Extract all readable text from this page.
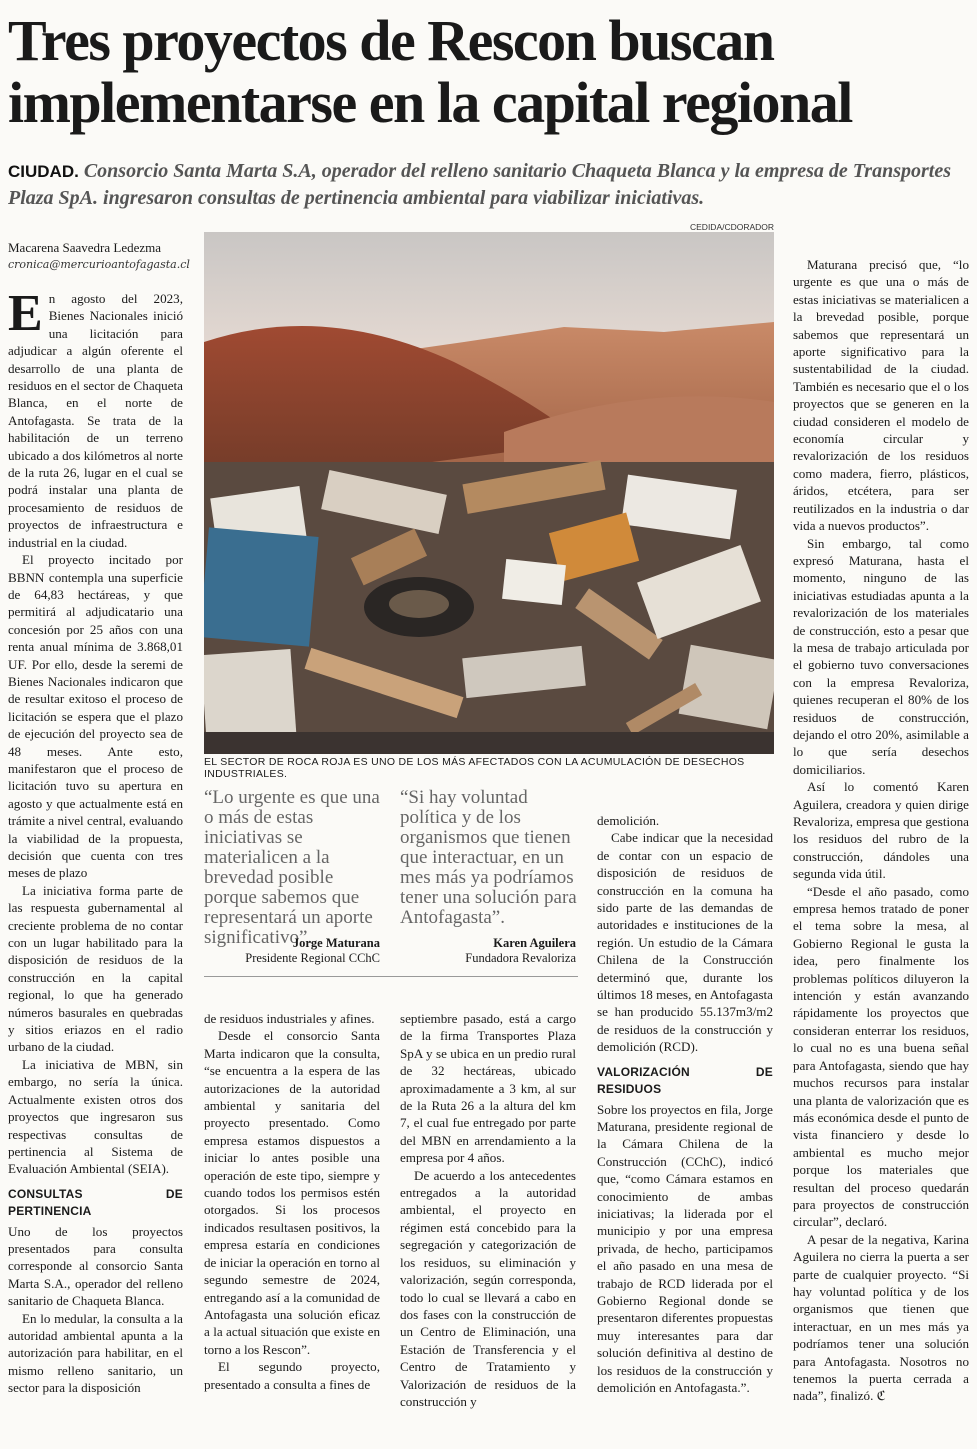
Tres proyectos de Rescon buscan implementarse en la capital regional

CIUDAD. Consorcio Santa Marta S.A, operador del relleno sanitario Chaqueta Blanca y la empresa de Transportes Plaza SpA. ingresaron consultas de pertinencia ambiental para viabilizar iniciativas.

CEDIDA/CDORADOR
Macarena Saavedra Ledezma
cronica@mercurioantofagasta.cl

En agosto del 2023, Bienes Nacionales inició una licitación para adjudicar a algún oferente el desarrollo de una planta de residuos en el sector de Chaqueta Blanca, en el norte de Antofagasta. Se trata de la habilitación de un terreno ubicado a dos kilómetros al norte de la ruta 26, lugar en el cual se podrá instalar una planta de procesamiento de residuos de proyectos de infraestructura e industrial en la ciudad.

El proyecto incitado por BBNN contempla una superficie de 64,83 hectáreas, y que permitirá al adjudicatario una concesión por 25 años con una renta anual mínima de 3.868,01 UF. Por ello, desde la seremi de Bienes Nacionales indicaron que de resultar exitoso el proceso de licitación se espera que el plazo de ejecución del proyecto sea de 48 meses. Ante esto, manifestaron que el proceso de licitación tuvo su apertura en agosto y que actualmente está en trámite a nivel central, evaluando la viabilidad de la propuesta, decisión que cuenta con tres meses de plazo

La iniciativa forma parte de las respuesta gubernamental al creciente problema de no contar con un lugar habilitado para la disposición de residuos de la construcción en la capital regional, lo que ha generado números basurales en quebradas y sitios eriazos en el radio urbano de la ciudad.

La iniciativa de MBN, sin embargo, no sería la única. Actualmente existen otros dos proyectos que ingresaron sus respectivas consultas de pertinencia al Sistema de Evaluación Ambiental (SEIA).

CONSULTAS DE PERTINENCIA

Uno de los proyectos presentados para consulta corresponde al consorcio Santa Marta S.A., operador del relleno sanitario de Chaqueta Blanca.

En lo medular, la consulta a la autoridad ambiental apunta a la autorización para habilitar, en el mismo relleno sanitario, un sector para la disposición

EL SECTOR DE ROCA ROJA ES UNO DE LOS MÁS AFECTADOS CON LA ACUMULACIÓN DE DESECHOS INDUSTRIALES.
“Lo urgente es que una o más de estas iniciativas se materialicen a la brevedad posible porque sabemos que representará un aporte significativo”.
Jorge Maturana
Presidente Regional CChC
“Si hay voluntad política y de los organismos que tienen que interactuar, en un mes más ya podríamos tener una solución para Antofagasta”.
Karen Aguilera
Fundadora Revaloriza

de residuos industriales y afines.

Desde el consorcio Santa Marta indicaron que la consulta, “se encuentra a la espera de las autorizaciones de la autoridad ambiental y sanitaria del proyecto presentado. Como empresa estamos dispuestos a iniciar lo antes posible una operación de este tipo, siempre y cuando todos los permisos estén otorgados. Si los procesos indicados resultasen positivos, la empresa estaría en condiciones de iniciar la operación en torno al segundo semestre de 2024, entregando así a la comunidad de Antofagasta una solución eficaz a la actual situación que existe en torno a los Rescon”.

El segundo proyecto, presentado a consulta a fines de

septiembre pasado, está a cargo de la firma Transportes Plaza SpA y se ubica en un predio rural de 32 hectáreas, ubicado aproximadamente a 3 km, al sur de la Ruta 26 a la altura del km 7, el cual fue entregado por parte del MBN en arrendamiento a la empresa por 4 años.

De acuerdo a los antecedentes entregados a la autoridad ambiental, el proyecto en régimen está concebido para la segregación y categorización de los residuos, su eliminación y valorización, según corresponda, todo lo cual se llevará a cabo en dos fases con la construcción de un Centro de Eliminación, una Estación de Transferencia y el Centro de Tratamiento y Valorización de residuos de la construcción y

demolición.

Cabe indicar que la necesidad de contar con un espacio de disposición de residuos de construcción en la comuna ha sido parte de las demandas de autoridades e instituciones de la región. Un estudio de la Cámara Chilena de la Construcción determinó que, durante los últimos 18 meses, en Antofagasta se han producido 55.137m3/m2 de residuos de la construcción y demolición (RCD).

VALORIZACIÓN DE RESIDUOS

Sobre los proyectos en fila, Jorge Maturana, presidente regional de la Cámara Chilena de la Construcción (CChC), indicó que, “como Cámara estamos en conocimiento de ambas iniciativas; la liderada por el municipio y por una empresa privada, de hecho, participamos el año pasado en una mesa de trabajo de RCD liderada por el Gobierno Regional donde se presentaron diferentes propuestas muy interesantes para dar solución definitiva al destino de los residuos de la construcción y demolición en Antofagasta.”.

Maturana precisó que, “lo urgente es que una o más de estas iniciativas se materialicen a la brevedad posible, porque sabemos que representará un aporte significativo para la sustentabilidad de la ciudad. También es necesario que el o los proyectos que se generen en la ciudad consideren el modelo de economía circular y revalorización de los residuos como madera, fierro, plásticos, áridos, etcétera, para ser reutilizados en la industria o dar vida a nuevos productos”.

Sin embargo, tal como expresó Maturana, hasta el momento, ninguno de las iniciativas estudiadas apunta a la revalorización de los materiales de construcción, esto a pesar que la mesa de trabajo articulada por el gobierno tuvo conversaciones con la empresa Revaloriza, quienes recuperan el 80% de los residuos de construcción, dejando el otro 20%, asimilable a lo que sería desechos domiciliarios.

Así lo comentó Karen Aguilera, creadora y quien dirige Revaloriza, empresa que gestiona los residuos del rubro de la construcción, dándoles una segunda vida útil.

“Desde el año pasado, como empresa hemos tratado de poner el tema sobre la mesa, al Gobierno Regional le gusta la idea, pero finalmente los problemas políticos diluyeron la intención y están avanzando rápidamente los proyectos que consideran enterrar los residuos, lo cual no es una buena señal para Antofagasta, siendo que hay muchos recursos para instalar una planta de valorización que es más económica desde el punto de vista financiero y desde lo ambiental es mucho mejor porque los materiales que resultan del proceso quedarán para proyectos de construcción circular”, declaró.

A pesar de la negativa, Karina Aguilera no cierra la puerta a ser parte de cualquier proyecto. “Si hay voluntad política y de los organismos que tienen que interactuar, en un mes más ya podríamos tener una solución para Antofagasta. Nosotros no tenemos la puerta cerrada a nada”, finalizó. ℭ
